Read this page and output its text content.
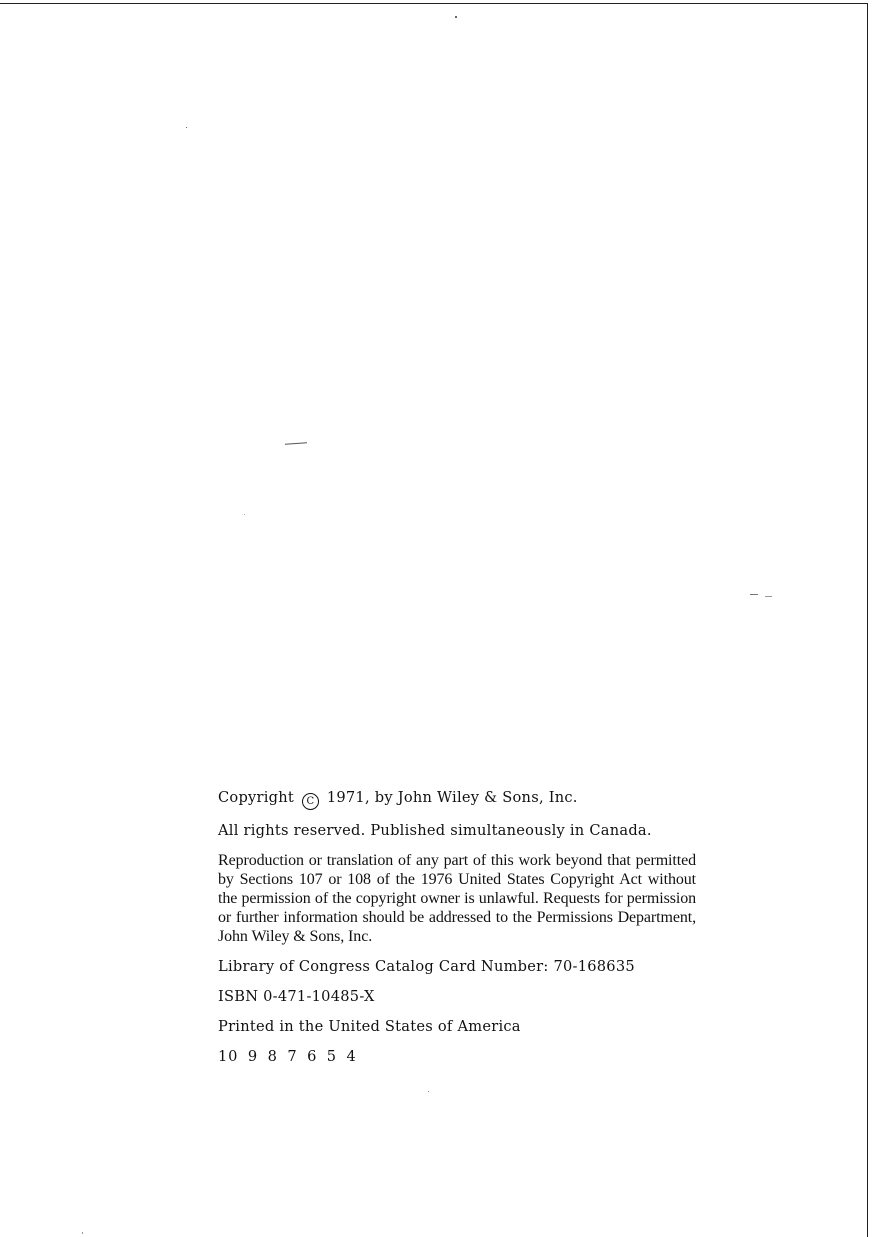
Copyright C 1971, by John Wiley & Sons, Inc.
All rights reserved. Published simultaneously in Canada.
Reproduction or translation of any part of this work beyond that permitted by Sections 107 or 108 of the 1976 United States Copyright Act without the permission of the copyright owner is unlawful. Requests for permission or further information should be addressed to the Permissions Department, John Wiley & Sons, Inc.
Library of Congress Catalog Card Number: 70-168635
ISBN 0-471-10485-X
Printed in the United States of America
10 9 8 7 6 5 4
